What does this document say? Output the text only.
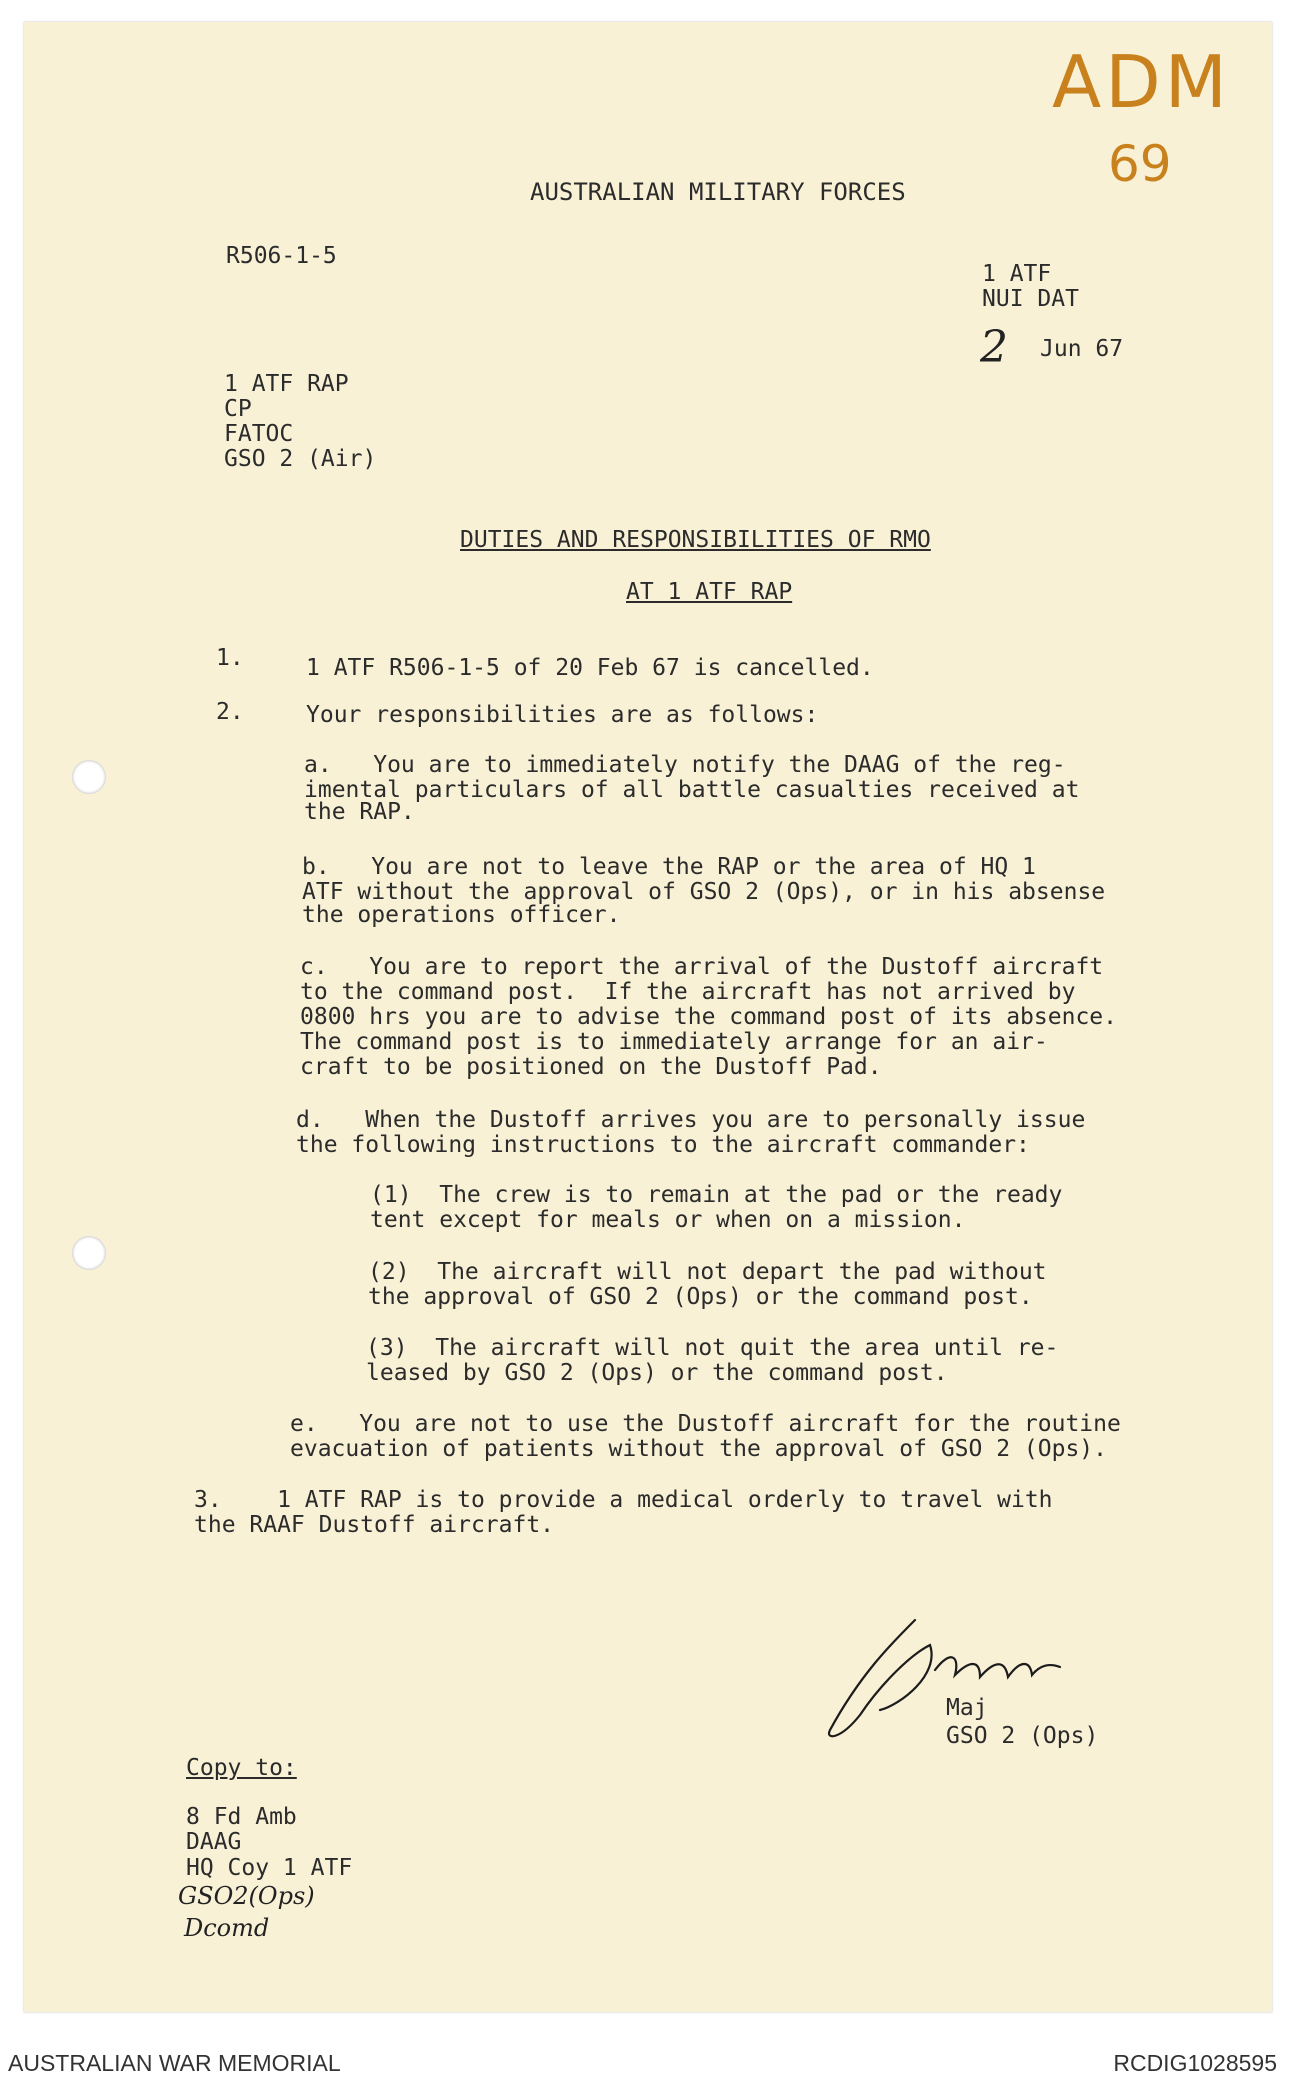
ADM
69
AUSTRALIAN MILITARY FORCES
R506-1-5
1 ATF
NUI DAT
2 Jun 67
1 ATF RAP
CP
FATOC
GSO 2 (Air)
DUTIES AND RESPONSIBILITIES OF RMO
AT 1 ATF RAP
1.	1 ATF R506-1-5 of 20 Feb 67 is cancelled.
2.	Your responsibilities are as follows:
a.   You are to immediately notify the DAAG of the reg-
imental particulars of all battle casualties received at
the RAP.
b.   You are not to leave the RAP or the area of HQ 1
ATF without the approval of GSO 2 (Ops), or in his absense
the operations officer.
c.   You are to report the arrival of the Dustoff aircraft
to the command post.  If the aircraft has not arrived by
0800 hrs you are to advise the command post of its absence.
The command post is to immediately arrange for an air-
craft to be positioned on the Dustoff Pad.
d.   When the Dustoff arrives you are to personally issue
the following instructions to the aircraft commander:
(1)  The crew is to remain at the pad or the ready
tent except for meals or when on a mission.
(2)  The aircraft will not depart the pad without
the approval of GSO 2 (Ops) or the command post.
(3)  The aircraft will not quit the area until re-
leased by GSO 2 (Ops) or the command post.
e.   You are not to use the Dustoff aircraft for the routine
evacuation of patients without the approval of GSO 2 (Ops).
3.    1 ATF RAP is to provide a medical orderly to travel with
the RAAF Dustoff aircraft.
Maj
GSO 2 (Ops)
Copy to:
8 Fd Amb
DAAG
HQ Coy 1 ATF
GSO2(Ops)
Dcomd
AUSTRALIAN WAR MEMORIAL	RCDIG1028595
